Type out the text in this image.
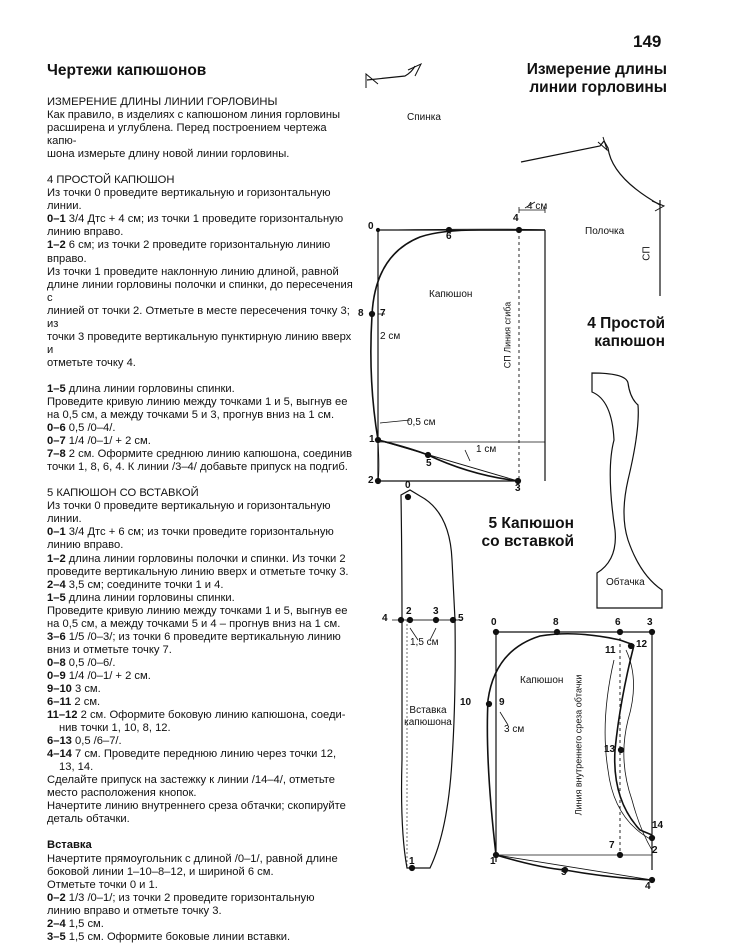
149
Чертежи капюшонов	Измерение длины
линии горловины

ИЗМЕРЕНИЕ ДЛИНЫ ЛИНИИ ГОРЛОВИНЫ

Как правило, в изделиях с капюшоном линия горловины

расширена и углублена. Перед построением чертежа капю-

шона измерьте длину новой линии горловины.

4 ПРОСТОЙ КАПЮШОН

Из точки 0 проведите вертикальную и горизонтальную

линии.

0–1 3/4 Дтс + 4 см; из точки 1 проведите горизонтальную

линию вправо.

1–2 6 см; из точки 2 проведите горизонтальную линию

вправо.

Из точки 1 проведите наклонную линию длиной, равной

длине линии горловины полочки и спинки, до пересечения с

линией от точки 2. Отметьте в месте пересечения точку 3; из

точки 3 проведите вертикальную пунктирную линию вверх и

отметьте точку 4.

1–5 длина линии горловины спинки.

Проведите кривую линию между точками 1 и 5, выгнув ее

на 0,5 см, а между точками 5 и 3, прогнув вниз на 1 см.

0–6 0,5 /0–4/.

0–7 1/4 /0–1/ + 2 см.

7–8 2 см. Оформите среднюю линию капюшона, соединив

точки 1, 8, 6, 4. К линии /3–4/ добавьте припуск на подгиб.

5 КАПЮШОН СО ВСТАВКОЙ

Из точки 0 проведите вертикальную и горизонтальную

линии.

0–1 3/4 Дтс + 6 см; из точки проведите горизонтальную

линию вправо.

1–2 длина линии горловины полочки и спинки. Из точки 2

проведите вертикальную линию вверх и отметьте точку 3.

2–4 3,5 см; соедините точки 1 и 4.

1–5 длина линии горловины спинки.

Проведите кривую линию между точками 1 и 5, выгнув ее

на 0,5 см, а между точками 5 и 4 – прогнув вниз на 1 см.

3–6 1/5 /0–3/; из точки 6 проведите вертикальную линию

вниз и отметьте точку 7.

0–8 0,5 /0–6/.

0–9 1/4 /0–1/ + 2 см.

9–10 3 см.

6–11 2 см.

11–12 2 см. Оформите боковую линию капюшона, соеди-

нив точки 1, 10, 8, 12.

6–13 0,5 /6–7/.

4–14 7 см. Проведите переднюю линию через точки 12,

13, 14.

Сделайте припуск на застежку к линии /14–4/, отметьте

место расположения кнопок.

Начертите линию внутреннего среза обтачки; скопируйте

деталь обтачки.

Вставка

Начертите прямоугольник с длиной /0–1/, равной длине

боковой линии 1–10–8–12, и шириной 6 см.

Отметьте точки 0 и 1.

0–2 1/3 /0–1/; из точки 2 проведите горизонтальную

линию вправо и отметьте точку 3.

2–4 1,5 см.

3–5 1,5 см. Оформите боковые линии вставки.

Спинка
Полочка
СП
4 Простой
капюшон
Капюшон
СП Линия сгиба
4 см
2 см
0,5 см
1 см
0
1
2
3
4
5
6
7
8
Обтачка
5 Капюшон
со вставкой
Капюшон Линия внутреннего среза обтачки
3 см
0
1
2
3
4
5
6
7
8
9
10
11
12
13
14
Вставка
капюшона
1,5 см
0
1
2 3
4	5
